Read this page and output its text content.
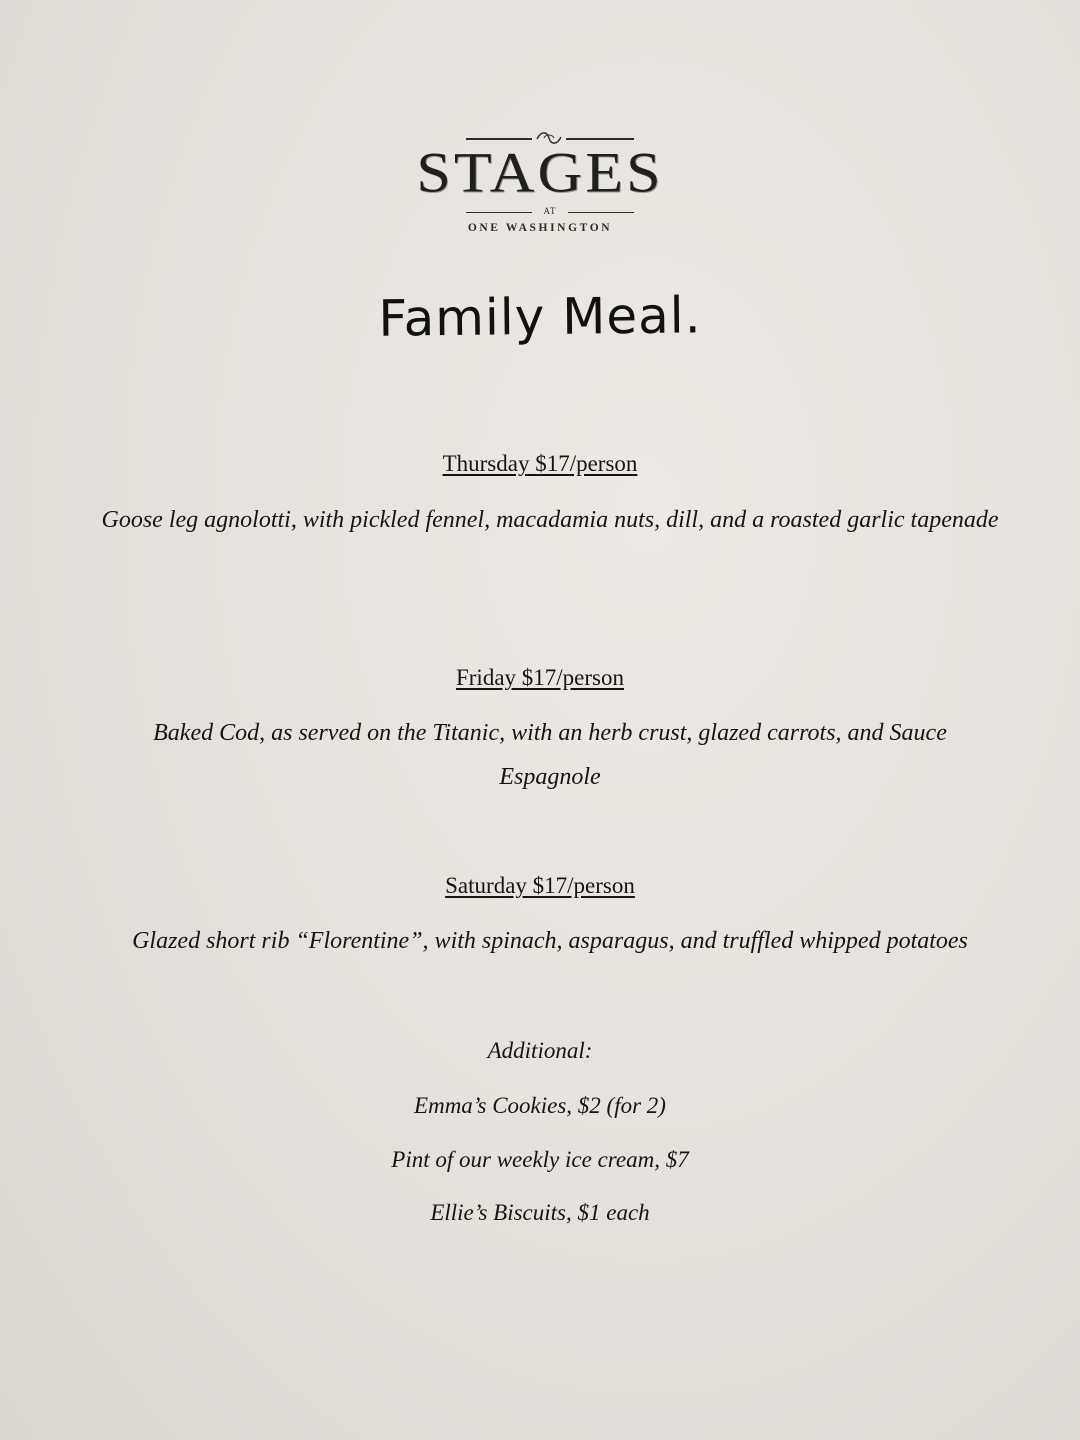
STAGES
AT
ONE WASHINGTON
Family Meal.
Thursday $17/person
Goose leg agnolotti, with pickled fennel, macadamia nuts, dill, and a roasted garlic tapenade
Friday $17/person
Baked Cod, as served on the Titanic, with an herb crust, glazed carrots, and Sauce Espagnole
Saturday $17/person
Glazed short rib “Florentine”, with spinach, asparagus, and truffled whipped potatoes
Additional:
Emma’s Cookies, $2 (for 2)
Pint of our weekly ice cream, $7
Ellie’s Biscuits, $1 each
